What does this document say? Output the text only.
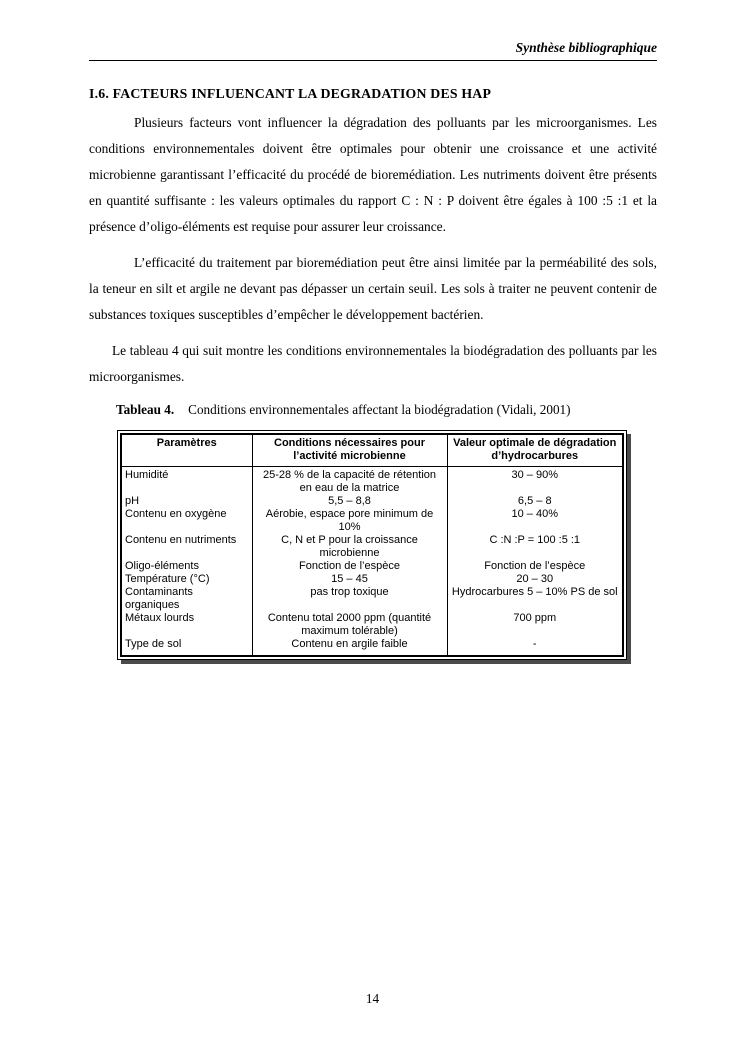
Synthèse bibliographique
I.6. FACTEURS INFLUENCANT LA DEGRADATION DES HAP

Plusieurs facteurs vont influencer la dégradation des polluants par les microorganismes. Les conditions environnementales doivent être optimales pour obtenir une croissance et une activité microbienne garantissant l’efficacité du procédé de bioremédiation. Les nutriments doivent être présents en quantité suffisante : les valeurs optimales du rapport C : N : P doivent être égales à 100 :5 :1 et la présence d’oligo-éléments est requise pour assurer leur croissance.

L’efficacité du traitement par bioremédiation peut être ainsi limitée par la perméabilité des sols, la teneur en silt et argile ne devant pas dépasser un certain seuil. Les sols à traiter ne peuvent contenir de substances toxiques susceptibles d’empêcher le développement bactérien.

Le tableau 4 qui suit montre les conditions environnementales la biodégradation des polluants par les microorganismes.

Tableau 4. Conditions environnementales affectant la biodégradation (Vidali, 2001)

Paramètres	Conditions nécessaires pour l’activité microbienne	Valeur optimale de dégradation d’hydrocarbures
Humidité	25-28 % de la capacité de rétention en eau de la matrice	30 – 90%
pH	5,5 – 8,8	6,5 – 8
Contenu en oxygène	Aérobie, espace pore minimum de 10%	10 – 40%
Contenu en nutriments	C, N et P pour la croissance microbienne	C :N :P = 100 :5 :1
Oligo-éléments	Fonction de l’espèce	Fonction de l’espèce
Température (°C)	15 – 45	20 – 30
Contaminants organiques	pas trop toxique	Hydrocarbures 5 – 10% PS de sol
Métaux lourds	Contenu total 2000 ppm (quantité maximum tolérable)	700 ppm
Type de sol	Contenu en argile faible	-
14
